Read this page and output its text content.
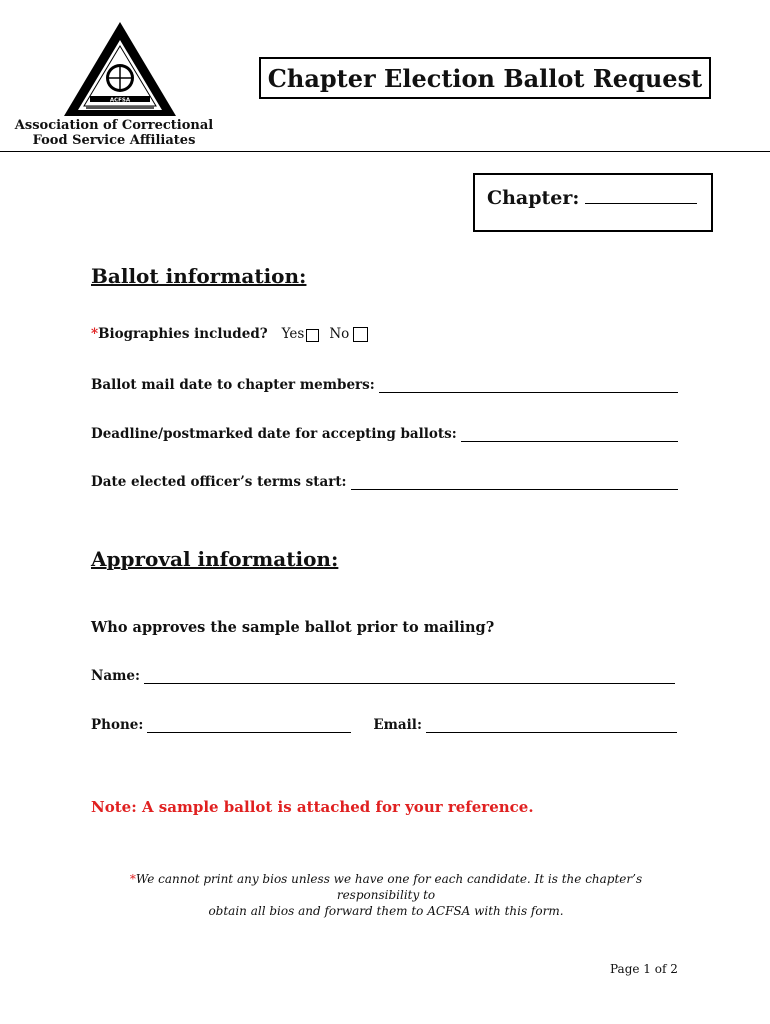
ACFSA
Association of Correctional
Food Service Affiliates
Chapter Election Ballot Request
Chapter:
Ballot information:
* Biographies included? Yes No
Ballot mail date to chapter members:
Deadline/postmarked date for accepting ballots:
Date elected officer’s terms start:
Approval information:
Who approves the sample ballot prior to mailing?
Name:
Phone:	Email:
Note: A sample ballot is attached for your reference.
*We cannot print any bios unless we have one for each candidate. It is the chapter’s responsibility to
obtain all bios and forward them to ACFSA with this form.
Page 1 of 2
